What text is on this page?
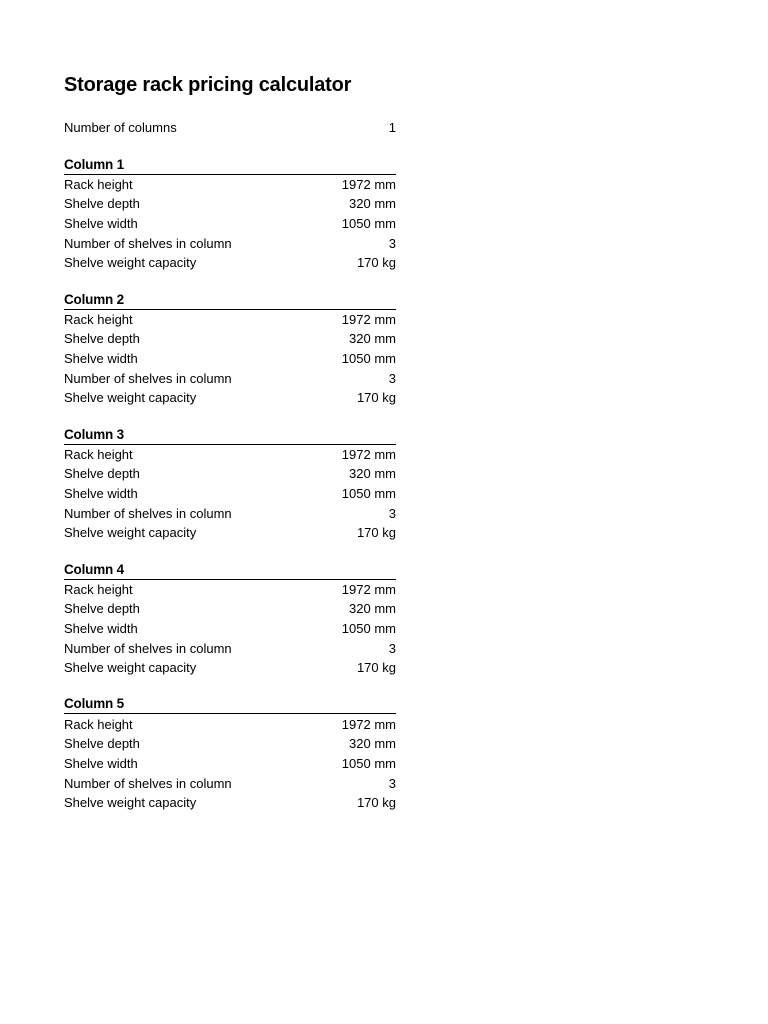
Storage rack pricing calculator
Number of columns	1
Column 1
Rack height	1972 mm
Shelve depth	320 mm
Shelve width	1050 mm
Number of shelves in column	3
Shelve weight capacity	170 kg
Column 2
Rack height	1972 mm
Shelve depth	320 mm
Shelve width	1050 mm
Number of shelves in column	3
Shelve weight capacity	170 kg
Column 3
Rack height	1972 mm
Shelve depth	320 mm
Shelve width	1050 mm
Number of shelves in column	3
Shelve weight capacity	170 kg
Column 4
Rack height	1972 mm
Shelve depth	320 mm
Shelve width	1050 mm
Number of shelves in column	3
Shelve weight capacity	170 kg
Column 5
Rack height	1972 mm
Shelve depth	320 mm
Shelve width	1050 mm
Number of shelves in column	3
Shelve weight capacity	170 kg
